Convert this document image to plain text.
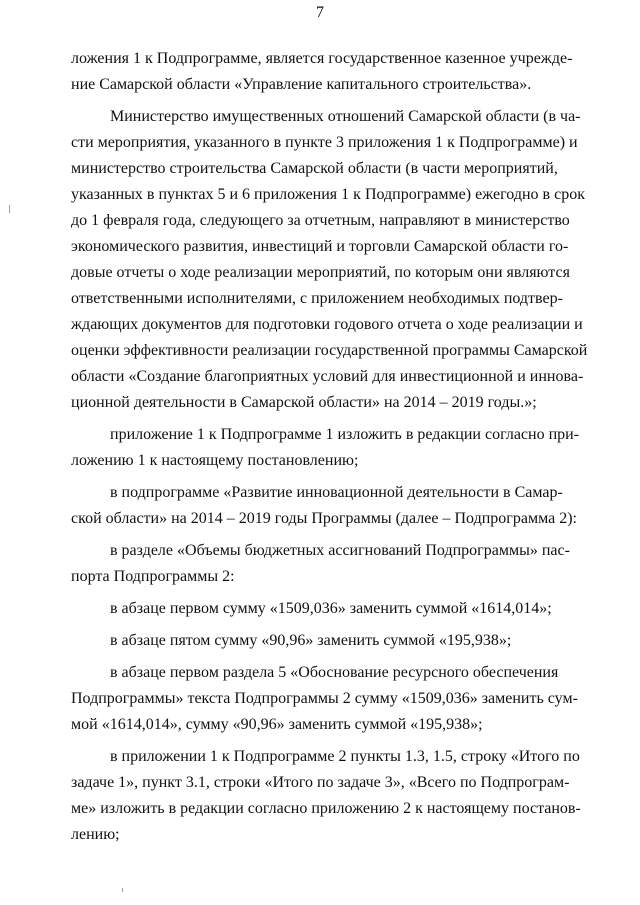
7
ложения 1 к Подпрограмме, является государственное казенное учрежде-
ние Самарской области «Управление капитального строительства».
Министерство имущественных отношений Самарской области (в ча-
сти мероприятия, указанного в пункте 3 приложения 1 к Подпрограмме) и
министерство строительства Самарской области (в части мероприятий,
указанных в пунктах 5 и 6 приложения 1 к Подпрограмме) ежегодно в срок
до 1 февраля года, следующего за отчетным, направляют в министерство
экономического развития, инвестиций и торговли Самарской области го-
довые отчеты о ходе реализации мероприятий, по которым они являются
ответственными исполнителями, с приложением необходимых подтвер-
ждающих документов для подготовки годового отчета о ходе реализации и
оценки эффективности реализации государственной программы Самарской
области «Создание благоприятных условий для инвестиционной и иннова-
ционной деятельности в Самарской области» на 2014 – 2019 годы.»;
приложение 1 к Подпрограмме 1 изложить в редакции согласно при-
ложению 1 к настоящему постановлению;
в подпрограмме «Развитие инновационной деятельности в Самар-
ской области» на 2014 – 2019 годы Программы (далее – Подпрограмма 2):
в разделе «Объемы бюджетных ассигнований Подпрограммы» пас-
порта Подпрограммы 2:
в абзаце первом сумму «1509,036» заменить суммой «1614,014»;
в абзаце пятом сумму «90,96» заменить суммой «195,938»;
в абзаце первом раздела 5 «Обоснование ресурсного обеспечения
Подпрограммы» текста Подпрограммы 2 сумму «1509,036» заменить сум-
мой «1614,014», сумму «90,96» заменить суммой «195,938»;
в приложении 1 к Подпрограмме 2 пункты 1.3, 1.5, строку «Итого по
задаче 1», пункт 3.1, строки «Итого по задаче 3», «Всего по Подпрограм-
ме» изложить в редакции согласно приложению 2 к настоящему постанов-
лению;
